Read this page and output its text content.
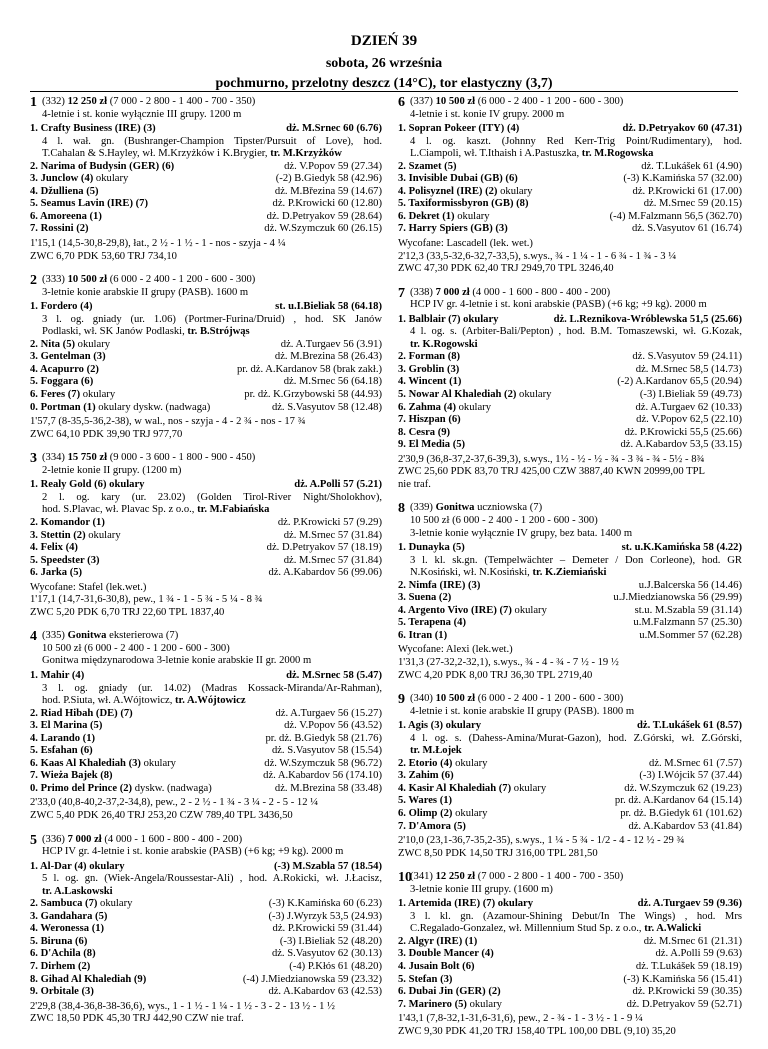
DZIEŃ 39
sobota, 26 września
pochmurno, przelotny deszcz (14°C), tor elastyczny (3,7)
1 (332) 12 250 zł (7 000 - 2 800 - 1 400 - 700 - 350)
4-letnie i st. konie wyłącznie III grupy. 1200 m
1. Crafty Business (IRE) (3)	dż. M.Srnec 60 (6.76)
4 l. wał. gn. (Bushranger-Champion Tipster/Pursuit of Love), hod.
T.Cahalan & S.Hayley, wł. M.Krzyżków i K.Brygier, tr. M.Krzyżków
2. Narima of Budysin (GER) (6)	dż. V.Popov 59 (27.34)
3. Junclow (4) okulary	(-2) B.Giedyk 58 (42.96)
4. Džulliena (5)	dż. M.Březina 59 (14.67)
5. Seamus Lavin (IRE) (7)	dż. P.Krowicki 60 (12.80)
6. Amoreena (1)	dż. D.Petryakov 59 (28.64)
7. Rossini (2)	dż. W.Szymczuk 60 (26.15)
1'15,1 (14,5-30,8-29,8), łat., 2 ½ - 1 ½ - 1 - nos - szyja - 4 ¼
ZWC 6,70 PDK 53,60 TRJ 734,10
2 (333) 10 500 zł (6 000 - 2 400 - 1 200 - 600 - 300)
3-letnie konie arabskie II grupy (PASB). 1600 m
1. Fordero (4)	st. u.I.Bieliak 58 (64.18)
3 l. og. gniady (ur. 1.06) (Portmer-Furina/Druid) , hod. SK Janów
Podlaski, wł. SK Janów Podlaski, tr. B.Strójwąs
2. Nita (5) okulary	dż. A.Turgaev 56 (3.91)
3. Gentelman (3)	dż. M.Brezina 58 (26.43)
4. Acapurro (2)	pr. dż. A.Kardanov 58 (brak zakł.)
5. Foggara (6)	dż. M.Srnec 56 (64.18)
6. Feres (7) okulary	pr. dż. K.Grzybowski 58 (44.93)
0. Portman (1) okulary dyskw. (nadwaga)	dż. S.Vasyutov 58 (12.48)
1'57,7 (8-35,5-36,2-38), w wal., nos - szyja - 4 - 2 ¾ - nos - 17 ¾
ZWC 64,10 PDK 39,90 TRJ 977,70
3 (334) 15 750 zł (9 000 - 3 600 - 1 800 - 900 - 450)
2-letnie konie II grupy. (1200 m)
1. Realy Gold (6) okulary	dż. A.Polli 57 (5.21)
2 l. og. kary (ur. 23.02) (Golden Tirol-River Night/Sholokhov),
hod. S.Plavac, wł. Plavac Sp. z o.o., tr. M.Fabiańska
2. Komandor (1)	dż. P.Krowicki 57 (9.29)
3. Stettin (2) okulary	dż. M.Srnec 57 (31.84)
4. Felix (4)	dż. D.Petryakov 57 (18.19)
5. Speedster (3)	dż. M.Srnec 57 (31.84)
6. Jarka (5)	dż. A.Kabardov 56 (99.06)
Wycofane: Stafel (lek.wet.)
1'17,1 (14,7-31,6-30,8), pew., 1 ¾ - 1 - 5 ¾ - 5 ¼ - 8 ¾
ZWC 5,20 PDK 6,70 TRJ 22,60 TPL 1837,40
4 (335) Gonitwa eksterierowa (7)
10 500 zł (6 000 - 2 400 - 1 200 - 600 - 300)
Gonitwa międzynarodowa 3-letnie konie arabskie II gr. 2000 m
1. Mahir (4)	dż. M.Srnec 58 (5.47)
3 l. og. gniady (ur. 14.02) (Madras Kossack-Miranda/Ar-Rahman),
hod. P.Siuta, wł. A.Wójtowicz, tr. A.Wójtowicz
2. Riad Hibah (DE) (7)	dż. A.Turgaev 56 (15.27)
3. El Marina (5)	dż. V.Popov 56 (43.52)
4. Larando (1)	pr. dż. B.Giedyk 58 (21.76)
5. Esfahan (6)	dż. S.Vasyutov 58 (15.54)
6. Kaas Al Khalediah (3) okulary	dż. W.Szymczuk 58 (96.72)
7. Wieża Bajek (8)	dż. A.Kabardov 56 (174.10)
0. Primo del Prince (2) dyskw. (nadwaga)	dż. M.Brezina 58 (33.48)
2'33,0 (40,8-40,2-37,2-34,8), pew., 2 - 2 ½ - 1 ¾ - 3 ¼ - 2 - 5 - 12 ¼
ZWC 5,40 PDK 26,40 TRJ 253,20 CZW 789,40 TPL 3436,50
5 (336) 7 000 zł (4 000 - 1 600 - 800 - 400 - 200)
HCP IV gr. 4-letnie i st. konie arabskie (PASB) (+6 kg; +9 kg). 2000 m
1. Al-Dar (4) okulary	(-3) M.Szabla 57 (18.54)
5 l. og. gn. (Wiek-Angela/Roussestar-Ali) , hod. A.Rokicki, wł. J.Łacisz,
tr. A.Laskowski
2. Sambuca (7) okulary	(-3) K.Kamińska 60 (6.23)
3. Gandahara (5)	(-3) J.Wyrzyk 53,5 (24.93)
4. Weronessa (1)	dż. P.Krowicki 59 (31.44)
5. Biruna (6)	(-3) I.Bieliak 52 (48.20)
6. D'Achila (8)	dż. S.Vasyutov 62 (30.13)
7. Dirhem (2)	(-4) P.Kłós 61 (48.20)
8. Gihad Al Khalediah (9)	(-4) J.Miedzianowska 59 (23.32)
9. Orbitale (3)	dż. A.Kabardov 63 (42.53)
2'29,8 (38,4-36,8-38-36,6), wys., 1 - 1 ½ - 1 ¼ - 1 ½ - 3 - 2 - 13 ½ - 1 ½
ZWC 18,50 PDK 45,30 TRJ 442,90 CZW nie traf.
6 (337) 10 500 zł (6 000 - 2 400 - 1 200 - 600 - 300)
4-letnie i st. konie IV grupy. 2000 m
1. Sopran Pokeer (ITY) (4)	dż. D.Petryakov 60 (47.31)
4 l. og. kaszt. (Johnny Red Kerr-Trig Point/Rudimentary), hod.
L.Ciampoli, wł. T.Ithaish i A.Pastuszka, tr. M.Rogowska
2. Szamet (5)	dż. T.Lukášek 61 (4.90)
3. Invisible Dubai (GB) (6)	(-3) K.Kamińska 57 (32.00)
4. Polisyznel (IRE) (2) okulary	dż. P.Krowicki 61 (17.00)
5. Taxiformissbyron (GB) (8)	dż. M.Srnec 59 (20.15)
6. Dekret (1) okulary	(-4) M.Falzmann 56,5 (362.70)
7. Harry Spiers (GB) (3)	dż. S.Vasyutov 61 (16.74)
Wycofane: Lascadell (lek. wet.)
2'12,3 (33,5-32,6-32,7-33,5), s.wys., ¾ - 1 ¼ - 1 - 6 ¾ - 1 ¾ - 3 ¼
ZWC 47,30 PDK 62,40 TRJ 2949,70 TPL 3246,40
7 (338) 7 000 zł (4 000 - 1 600 - 800 - 400 - 200)
HCP IV gr. 4-letnie i st. koni arabskie (PASB) (+6 kg; +9 kg). 2000 m
1. Balblair (7) okulary	dż. L.Reznikova-Wróblewska 51,5 (25.66)
4 l. og. s. (Arbiter-Bali/Pepton) , hod. B.M. Tomaszewski, wł. G.Kozak,
tr. K.Rogowski
2. Forman (8)	dż. S.Vasyutov 59 (24.11)
3. Groblin (3)	dż. M.Srnec 58,5 (14.73)
4. Wincent (1)	(-2) A.Kardanov 65,5 (20.94)
5. Nowar Al Khalediah (2) okulary	(-3) I.Bieliak 59 (49.73)
6. Zahma (4) okulary	dż. A.Turgaev 62 (10.33)
7. Hiszpan (6)	dż. V.Popov 62,5 (22.10)
8. Cesra (9)	dż. P.Krowicki 55,5 (25.66)
9. El Media (5)	dż. A.Kabardov 53,5 (33.15)
2'30,9 (36,8-37,2-37,6-39,3), s.wys., 1½ - ½ - ½ - ¾ - 3 ¾ - ¾ - 5½ - 8¾
ZWC 25,60 PDK 83,70 TRJ 425,00 CZW 3887,40 KWN 20999,00 TPL
nie traf.
8 (339) Gonitwa uczniowska (7)
10 500 zł (6 000 - 2 400 - 1 200 - 600 - 300)
3-letnie konie wyłącznie IV grupy, bez bata. 1400 m
1. Dunayka (5)	st. u.K.Kamińska 58 (4.22)
3 l. kl. sk.gn. (Tempelwächter – Demeter / Don Corleone), hod. GR
N.Kosiński, wł. N.Kosiński, tr. K.Ziemiański
2. Nimfa (IRE) (3)	u.J.Balcerska 56 (14.46)
3. Suena (2)	u.J.Miedzianowska 56 (29.99)
4. Argento Vivo (IRE) (7) okulary	st.u. M.Szabla 59 (31.14)
5. Terapena (4)	u.M.Falzmann 57 (25.30)
6. Itran (1)	u.M.Sommer 57 (62.28)
Wycofane: Alexi (lek.wet.)
1'31,3 (27-32,2-32,1), s.wys., ¾ - 4 - ¾ - 7 ½ - 19 ½
ZWC 4,20 PDK 8,00 TRJ 36,30 TPL 2719,40
9 (340) 10 500 zł (6 000 - 2 400 - 1 200 - 600 - 300)
4-letnie i st. konie arabskie II grupy (PASB). 1800 m
1. Agis (3) okulary	dż. T.Lukášek 61 (8.57)
4 l. og. s. (Dahess-Amina/Murat-Gazon), hod. Z.Górski, wł. Z.Górski,
tr. M.Łojek
2. Etorio (4) okulary	dż. M.Srnec 61 (7.57)
3. Zahim (6)	(-3) I.Wójcik 57 (37.44)
4. Kasir Al Khalediah (7) okulary	dż. W.Szymczuk 62 (19.23)
5. Wares (1)	pr. dż. A.Kardanov 64 (15.14)
6. Olimp (2) okulary	pr. dż. B.Giedyk 61 (101.62)
7. D'Amora (5)	dż. A.Kabardov 53 (41.84)
2'10,0 (23,1-36,7-35,2-35), s.wys., 1 ¼ - 5 ¾ - 1/2 - 4 - 12 ½ - 29 ¾
ZWC 8,50 PDK 14,50 TRJ 316,00 TPL 281,50
10
(341) 12 250 zł (7 000 - 2 800 - 1 400 - 700 - 350)
3-letnie konie III grupy. (1600 m)
1. Artemida (IRE) (7) okulary	dż. A.Turgaev 59 (9.36)
3 l. kl. gn. (Azamour-Shining Debut/In The Wings) , hod. Mrs
C.Regalado-Gonzalez, wł. Millennium Stud Sp. z o.o., tr. A.Walicki
2. Algyr (IRE) (1)	dż. M.Srnec 61 (21.31)
3. Double Mancer (4)	dż. A.Polli 59 (9.63)
4. Jusain Bolt (6)	dż. T.Lukášek 59 (18.19)
5. Stefan (3)	(-3) K.Kamińska 56 (15.41)
6. Dubai Jin (GER) (2)	dż. P.Krowicki 59 (30.35)
7. Marinero (5) okulary	dż. D.Petryakov 59 (52.71)
1'43,1 (7,8-32,1-31,6-31,6), pew., 2 - ¾ - 1 - 3 ½ - 1 - 9 ¼
ZWC 9,30 PDK 41,20 TRJ 158,40 TPL 100,00 DBL (9,10) 35,20
